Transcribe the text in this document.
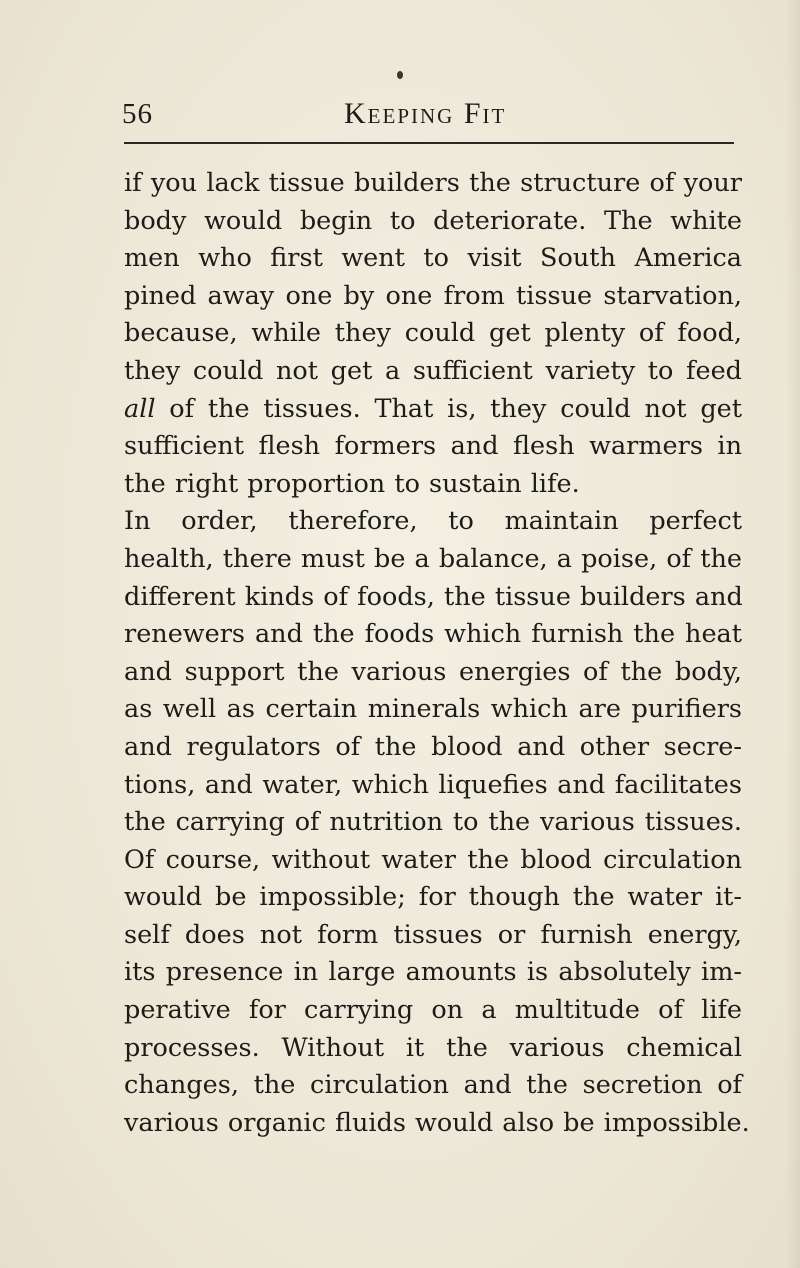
56	Keeping Fit
if you lack tissue builders the structure of your
body would begin to deteriorate. The white
men who first went to visit South America
pined away one by one from tissue starvation,
because, while they could get plenty of food,
they could not get a sufficient variety to feed
all of the tissues. That is, they could not get
sufficient flesh formers and flesh warmers in
the right proportion to sustain life.
In order, therefore, to maintain perfect
health, there must be a balance, a poise, of the
different kinds of foods, the tissue builders and
renewers and the foods which furnish the heat
and support the various energies of the body,
as well as certain minerals which are purifiers
and regulators of the blood and other secre-
tions, and water, which liquefies and facilitates
the carrying of nutrition to the various tissues.
Of course, without water the blood circulation
would be impossible; for though the water it-
self does not form tissues or furnish energy,
its presence in large amounts is absolutely im-
perative for carrying on a multitude of life
processes. Without it the various chemical
changes, the circulation and the secretion of
various organic fluids would also be impossible.
